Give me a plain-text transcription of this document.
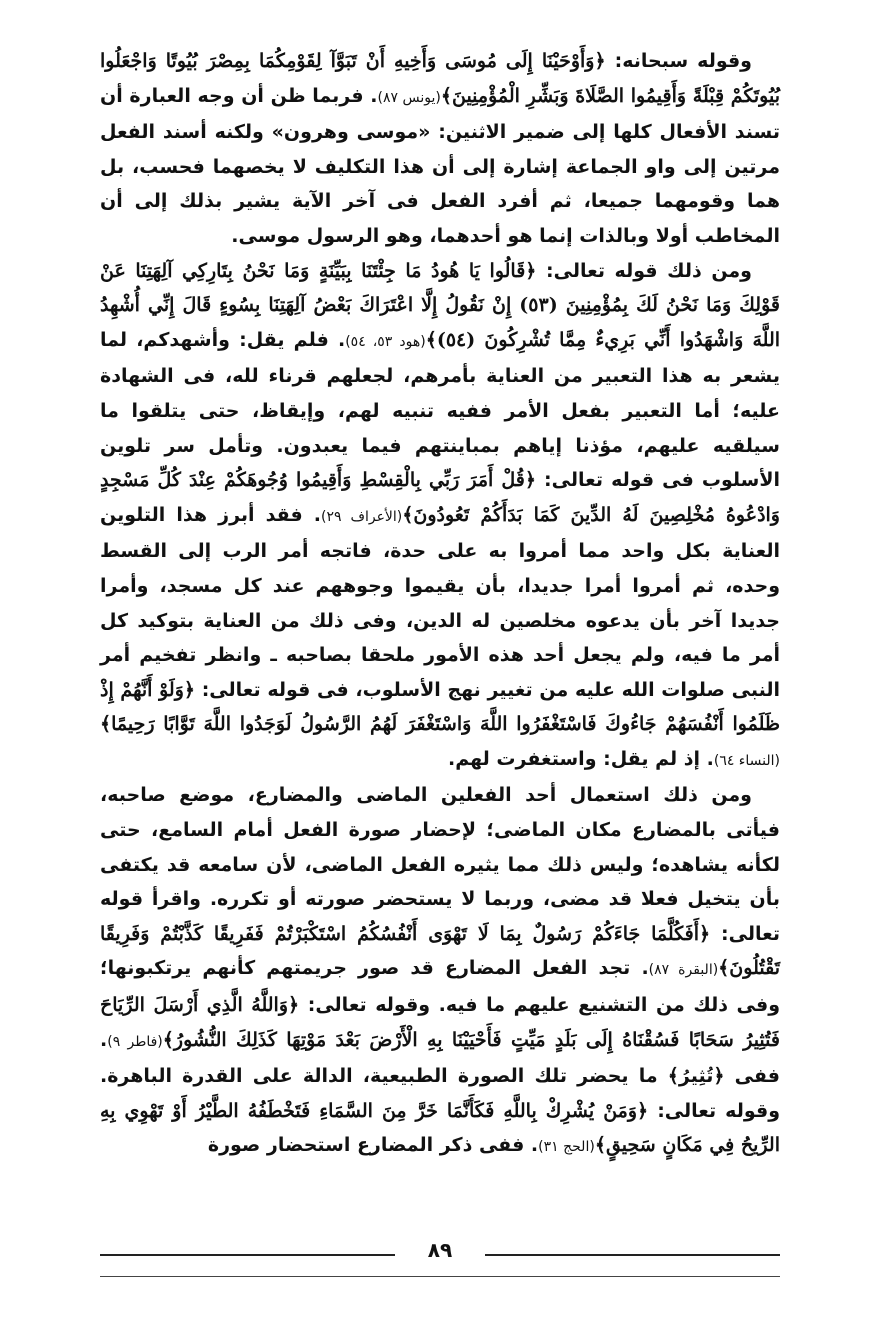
وقوله سبحانه: ﴿وَأَوْحَيْنَا إِلَى مُوسَى وَأَخِيهِ أَنْ تَبَوَّآ لِقَوْمِكُمَا بِمِصْرَ بُيُوتًا وَاجْعَلُوا بُيُوتَكُمْ قِبْلَةً وَأَقِيمُوا الصَّلَاةَ وَبَشِّرِ الْمُؤْمِنِينَ﴾(يونس ٨٧). فربما ظن أن وجه العبارة أن تسند الأفعال كلها إلى ضمير الاثنين: «موسى وهرون» ولكنه أسند الفعل مرتين إلى واو الجماعة إشارة إلى أن هذا التكليف لا يخصهما فحسب، بل هما وقومهما جميعا، ثم أفرد الفعل فى آخر الآية يشير بذلك إلى أن المخاطب أولا وبالذات إنما هو أحدهما، وهو الرسول موسى.

ومن ذلك قوله تعالى: ﴿قَالُوا يَا هُودُ مَا جِئْتَنَا بِبَيِّنَةٍ وَمَا نَحْنُ بِتَارِكِي آلِهَتِنَا عَنْ قَوْلِكَ وَمَا نَحْنُ لَكَ بِمُؤْمِنِينَ (٥٣) إِنْ نَقُولُ إِلَّا اعْتَرَاكَ بَعْضُ آلِهَتِنَا بِسُوءٍ قَالَ إِنِّي أُشْهِدُ اللَّهَ وَاشْهَدُوا أَنِّي بَرِيءٌ مِمَّا تُشْرِكُونَ (٥٤)﴾(هود ٥٣، ٥٤). فلم يقل: وأشهدكم، لما يشعر به هذا التعبير من العناية بأمرهم، لجعلهم قرناء لله، فى الشهادة عليه؛ أما التعبير بفعل الأمر ففيه تنبيه لهم، وإيقاظ، حتى يتلقوا ما سيلقيه عليهم، مؤذنا إياهم بمباينتهم فيما يعبدون. وتأمل سر تلوين الأسلوب فى قوله تعالى: ﴿قُلْ أَمَرَ رَبِّي بِالْقِسْطِ وَأَقِيمُوا وُجُوهَكُمْ عِنْدَ كُلِّ مَسْجِدٍ وَادْعُوهُ مُخْلِصِينَ لَهُ الدِّينَ كَمَا بَدَأَكُمْ تَعُودُونَ﴾(الأعراف ٢٩). فقد أبرز هذا التلوين العناية بكل واحد مما أمروا به على حدة، فاتجه أمر الرب إلى القسط وحده، ثم أمروا أمرا جديدا، بأن يقيموا وجوههم عند كل مسجد، وأمرا جديدا آخر بأن يدعوه مخلصين له الدين، وفى ذلك من العناية بتوكيد كل أمر ما فيه، ولم يجعل أحد هذه الأمور ملحقا بصاحبه ـ وانظر تفخيم أمر النبى صلوات الله عليه من تغيير نهج الأسلوب، فى قوله تعالى: ﴿وَلَوْ أَنَّهُمْ إِذْ ظَلَمُوا أَنْفُسَهُمْ جَاءُوكَ فَاسْتَغْفَرُوا اللَّهَ وَاسْتَغْفَرَ لَهُمُ الرَّسُولُ لَوَجَدُوا اللَّهَ تَوَّابًا رَحِيمًا﴾(النساء ٦٤). إذ لم يقل: واستغفرت لهم.

ومن ذلك استعمال أحد الفعلين الماضى والمضارع، موضع صاحبه، فيأتى بالمضارع مكان الماضى؛ لإحضار صورة الفعل أمام السامع، حتى لكأنه يشاهده؛ وليس ذلك مما يثيره الفعل الماضى، لأن سامعه قد يكتفى بأن يتخيل فعلا قد مضى، وربما لا يستحضر صورته أو تكرره. واقرأ قوله تعالى: ﴿أَفَكُلَّمَا جَاءَكُمْ رَسُولٌ بِمَا لَا تَهْوَى أَنْفُسُكُمُ اسْتَكْبَرْتُمْ فَفَرِيقًا كَذَّبْتُمْ وَفَرِيقًا تَقْتُلُونَ﴾(البقرة ٨٧). تجد الفعل المضارع قد صور جريمتهم كأنهم يرتكبونها؛ وفى ذلك من التشنيع عليهم ما فيه. وقوله تعالى: ﴿وَاللَّهُ الَّذِي أَرْسَلَ الرِّيَاحَ فَتُثِيرُ سَحَابًا فَسُقْنَاهُ إِلَى بَلَدٍ مَيِّتٍ فَأَحْيَيْنَا بِهِ الْأَرْضَ بَعْدَ مَوْتِهَا كَذَلِكَ النُّشُورُ﴾(فاطر ٩). ففى ﴿تُثِيرُ﴾ ما يحضر تلك الصورة الطبيعية، الدالة على القدرة الباهرة. وقوله تعالى: ﴿وَمَنْ يُشْرِكْ بِاللَّهِ فَكَأَنَّمَا خَرَّ مِنَ السَّمَاءِ فَتَخْطَفُهُ الطَّيْرُ أَوْ تَهْوِي بِهِ الرِّيحُ فِي مَكَانٍ سَحِيقٍ﴾(الحج ٣١). ففى ذكر المضارع استحضار صورة

٨٩
